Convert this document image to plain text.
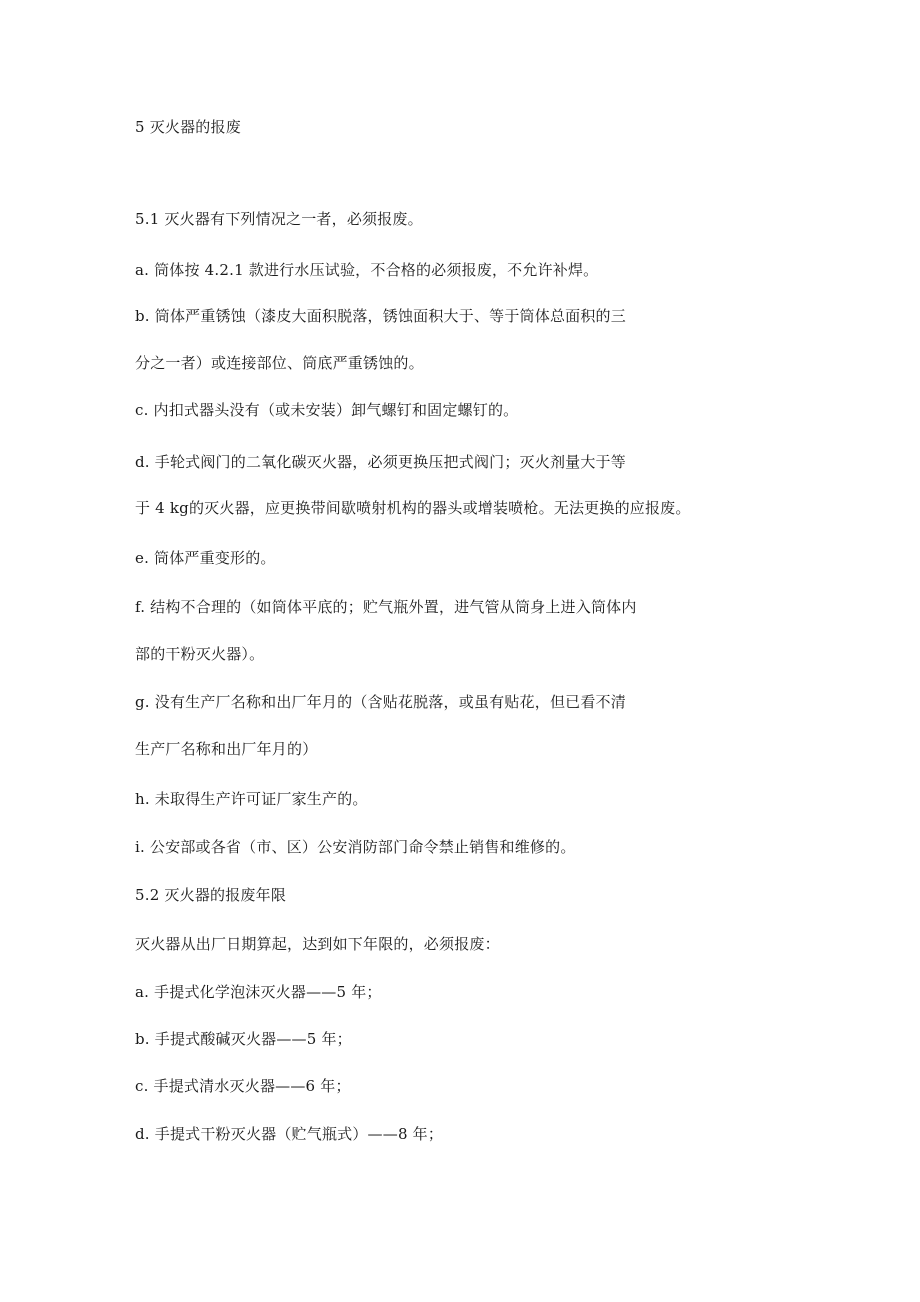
5 灭火器的报废
5.1 灭火器有下列情况之一者，必须报废。
a. 筒体按 4.2.1 款进行水压试验，不合格的必须报废，不允许补焊。
b. 筒体严重锈蚀（漆皮大面积脱落，锈蚀面积大于、等于筒体总面积的三
分之一者）或连接部位、筒底严重锈蚀的。
c. 内扣式器头没有（或未安装）卸气螺钉和固定螺钉的。
d. 手轮式阀门的二氧化碳灭火器，必须更换压把式阀门；灭火剂量大于等
于 4 kg的灭火器，应更换带间歇喷射机构的器头或增装喷枪。无法更换的应报废。
e. 筒体严重变形的。
f. 结构不合理的（如筒体平底的；贮气瓶外置，进气管从筒身上进入筒体内
部的干粉灭火器）。
g. 没有生产厂名称和出厂年月的（含贴花脱落，或虽有贴花，但已看不清
生产厂名称和出厂年月的）
h. 未取得生产许可证厂家生产的。
i. 公安部或各省（市、区）公安消防部门命令禁止销售和维修的。
5.2 灭火器的报废年限
灭火器从出厂日期算起，达到如下年限的，必须报废：
a. 手提式化学泡沫灭火器——5 年；
b. 手提式酸碱灭火器——5 年；
c. 手提式清水灭火器——6 年；
d. 手提式干粉灭火器（贮气瓶式）——8 年；
